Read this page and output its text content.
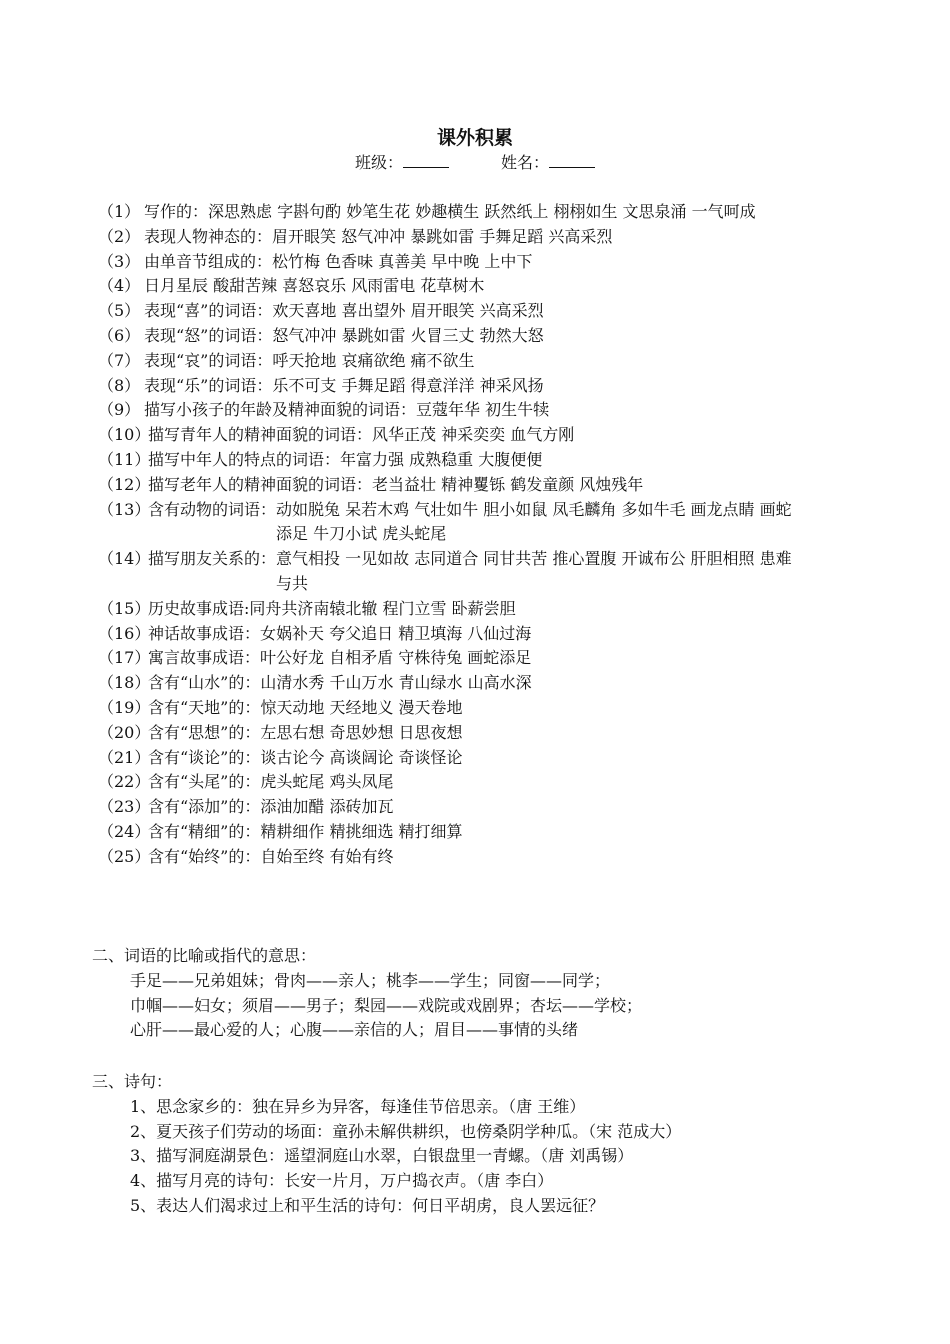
课外积累
班级：	姓名：
（1） 写作的： 深思熟虑 字斟句酌 妙笔生花 妙趣横生 跃然纸上 栩栩如生 文思泉涌 一气呵成
（2） 表现人物神态的： 眉开眼笑 怒气冲冲 暴跳如雷 手舞足蹈 兴高采烈
（3） 由单音节组成的： 松竹梅 色香味 真善美 早中晚 上中下
（4） 日月星辰 酸甜苦辣 喜怒哀乐 风雨雷电 花草树木
（5） 表现“喜”的词语： 欢天喜地 喜出望外 眉开眼笑 兴高采烈
（6） 表现“怒”的词语： 怒气冲冲 暴跳如雷 火冒三丈 勃然大怒
（7） 表现“哀”的词语： 呼天抢地 哀痛欲绝 痛不欲生
（8） 表现“乐”的词语： 乐不可支 手舞足蹈 得意洋洋 神采风扬
（9） 描写小孩子的年龄及精神面貌的词语： 豆蔻年华 初生牛犊
（10）
描写青年人的精神面貌的词语： 风华正茂 神采奕奕 血气方刚
（11）
描写中年人的特点的词语： 年富力强 成熟稳重 大腹便便
（12）
描写老年人的精神面貌的词语： 老当益壮 精神矍铄 鹤发童颜 风烛残年
（13）
含有动物的词语： 动如脱兔 呆若木鸡 气壮如牛 胆小如鼠 凤毛麟角 多如牛毛 画龙点睛 画蛇添足 牛刀小试 虎头蛇尾
（14）
描写朋友关系的： 意气相投 一见如故 志同道合 同甘共苦 推心置腹 开诚布公 肝胆相照 患难与共
（15）
历史故事成语: 同舟共济南辕北辙 程门立雪 卧薪尝胆
（16）
神话故事成语： 女娲补天 夸父追日 精卫填海 八仙过海
（17）
寓言故事成语： 叶公好龙 自相矛盾 守株待兔 画蛇添足
（18）
含有“山水”的： 山清水秀 千山万水 青山绿水 山高水深
（19）
含有“天地”的： 惊天动地 天经地义 漫天卷地
（20）
含有“思想”的： 左思右想 奇思妙想 日思夜想
（21）
含有“谈论”的： 谈古论今 高谈阔论 奇谈怪论
（22）
含有“头尾”的： 虎头蛇尾 鸡头凤尾
（23）
含有“添加”的： 添油加醋 添砖加瓦
（24）
含有“精细”的： 精耕细作 精挑细选 精打细算
（25）
含有“始终”的： 自始至终 有始有终
二、词语的比喻或指代的意思：
手足——兄弟姐妹；骨肉——亲人；桃李——学生；同窗——同学；
巾帼——妇女；须眉——男子；梨园——戏院或戏剧界；杏坛——学校；
心肝——最心爱的人；心腹——亲信的人；眉目——事情的头绪
三、诗句：
1、思念家乡的：独在异乡为异客，每逢佳节倍思亲。（唐 王维）
2、夏天孩子们劳动的场面：童孙未解供耕织，也傍桑阴学种瓜。（宋 范成大）
3、描写洞庭湖景色：遥望洞庭山水翠，白银盘里一青螺。（唐 刘禹锡）
4、描写月亮的诗句：长安一片月，万户捣衣声。（唐 李白）
5、表达人们渴求过上和平生活的诗句：何日平胡虏，良人罢远征？
